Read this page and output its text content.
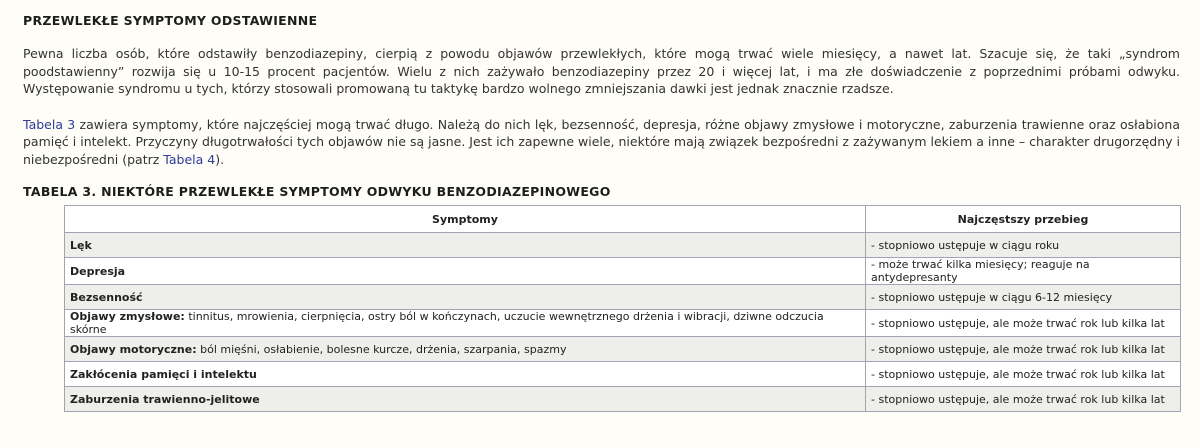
PRZEWLEKŁE SYMPTOMY ODSTAWIENNE

Pewna liczba osób, które odstawiły benzodiazepiny, cierpią z powodu objawów przewlekłych, które mogą trwać wiele miesięcy, a nawet lat. Szacuje się, że taki „syndrom poodstawienny” rozwija się u 10-15 procent pacjentów. Wielu z nich zażywało benzodiazepiny przez 20 i więcej lat, i ma złe doświadczenie z poprzednimi próbami odwyku. Występowanie syndromu u tych, którzy stosowali promowaną tu taktykę bardzo wolnego zmniejszania dawki jest jednak znacznie rzadsze.

Tabela 3 zawiera symptomy, które najczęściej mogą trwać długo. Należą do nich lęk, bezsenność, depresja, różne objawy zmysłowe i motoryczne, zaburzenia trawienne oraz osłabiona pamięć i intelekt. Przyczyny długotrwałości tych objawów nie są jasne. Jest ich zapewne wiele, niektóre mają związek bezpośredni z zażywanym lekiem a inne – charakter drugorzędny i niebezpośredni (patrz Tabela 4).

TABELA 3. NIEKTÓRE PRZEWLEKŁE SYMPTOMY ODWYKU BENZODIAZEPINOWEGO
Symptomy	Najczęstszy przebieg
Lęk	- stopniowo ustępuje w ciągu roku
Depresja	- może trwać kilka miesięcy; reaguje na antydepresanty
Bezsenność	- stopniowo ustępuje w ciągu 6-12 miesięcy
Objawy zmysłowe: tinnitus, mrowienia, cierpnięcia, ostry ból w kończynach, uczucie wewnętrznego drżenia i wibracji, dziwne odczucia skórne	- stopniowo ustępuje, ale może trwać rok lub kilka lat
Objawy motoryczne: ból mięśni, osłabienie, bolesne kurcze, drżenia, szarpania, spazmy	- stopniowo ustępuje, ale może trwać rok lub kilka lat
Zakłócenia pamięci i intelektu	- stopniowo ustępuje, ale może trwać rok lub kilka lat
Zaburzenia trawienno-jelitowe	- stopniowo ustępuje, ale może trwać rok lub kilka lat
